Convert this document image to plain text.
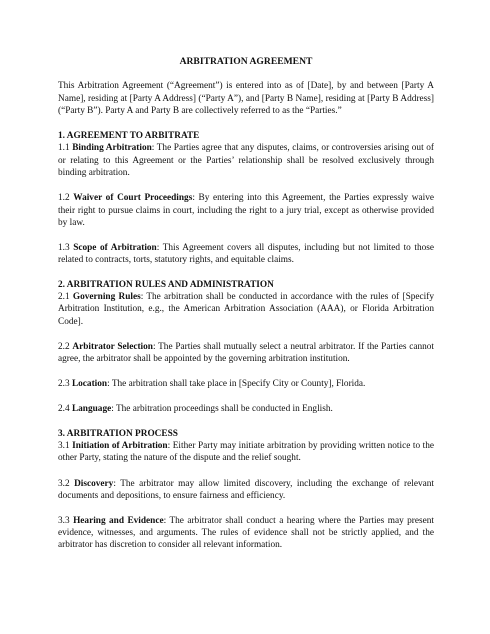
ARBITRATION AGREEMENT

This Arbitration Agreement (“Agreement”) is entered into as of [Date], by and between [Party A Name], residing at [Party A Address] (“Party A”), and [Party B Name], residing at [Party B Address] (“Party B”). Party A and Party B are collectively referred to as the “Parties.”

1. AGREEMENT TO ARBITRATE

1.1 Binding Arbitration: The Parties agree that any disputes, claims, or controversies arising out of or relating to this Agreement or the Parties’ relationship shall be resolved exclusively through binding arbitration.

1.2 Waiver of Court Proceedings: By entering into this Agreement, the Parties expressly waive their right to pursue claims in court, including the right to a jury trial, except as otherwise provided by law.

1.3 Scope of Arbitration: This Agreement covers all disputes, including but not limited to those related to contracts, torts, statutory rights, and equitable claims.

2. ARBITRATION RULES AND ADMINISTRATION

2.1 Governing Rules: The arbitration shall be conducted in accordance with the rules of [Specify Arbitration Institution, e.g., the American Arbitration Association (AAA), or Florida Arbitration Code].

2.2 Arbitrator Selection: The Parties shall mutually select a neutral arbitrator. If the Parties cannot agree, the arbitrator shall be appointed by the governing arbitration institution.

2.3 Location: The arbitration shall take place in [Specify City or County], Florida.

2.4 Language: The arbitration proceedings shall be conducted in English.

3. ARBITRATION PROCESS

3.1 Initiation of Arbitration: Either Party may initiate arbitration by providing written notice to the other Party, stating the nature of the dispute and the relief sought.

3.2 Discovery: The arbitrator may allow limited discovery, including the exchange of relevant documents and depositions, to ensure fairness and efficiency.

3.3 Hearing and Evidence: The arbitrator shall conduct a hearing where the Parties may present evidence, witnesses, and arguments. The rules of evidence shall not be strictly applied, and the arbitrator has discretion to consider all relevant information.
